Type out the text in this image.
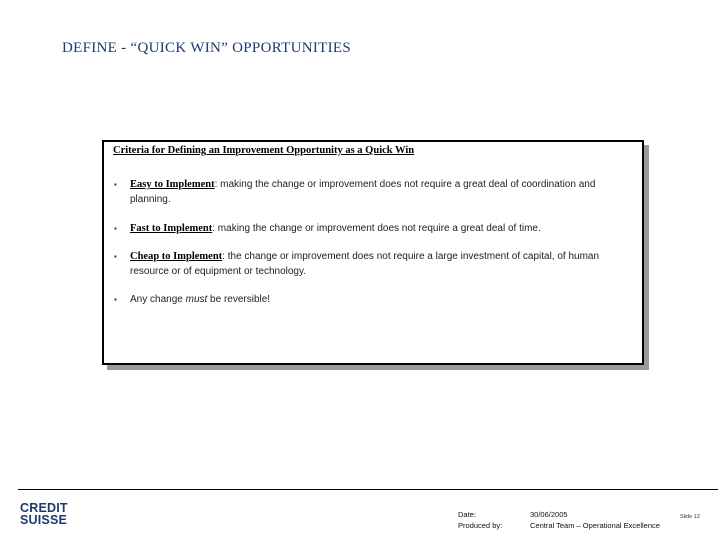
DEFINE - “QUICK WIN” OPPORTUNITIES
Criteria for Defining an Improvement Opportunity as a Quick Win
▪ Easy to Implement: making the change or improvement does not require a great deal of coordination and planning.
▪ Fast to Implement: making the change or improvement does not require a great deal of time.
▪ Cheap to Implement: the change or improvement does not require a large investment of capital, of human resource or of equipment or technology.
▪ Any change must be reversible!
CREDIT
SUISSE	Date:
Produced by:
30/06/2005
Central Team – Operational Excellence
Slide 12
